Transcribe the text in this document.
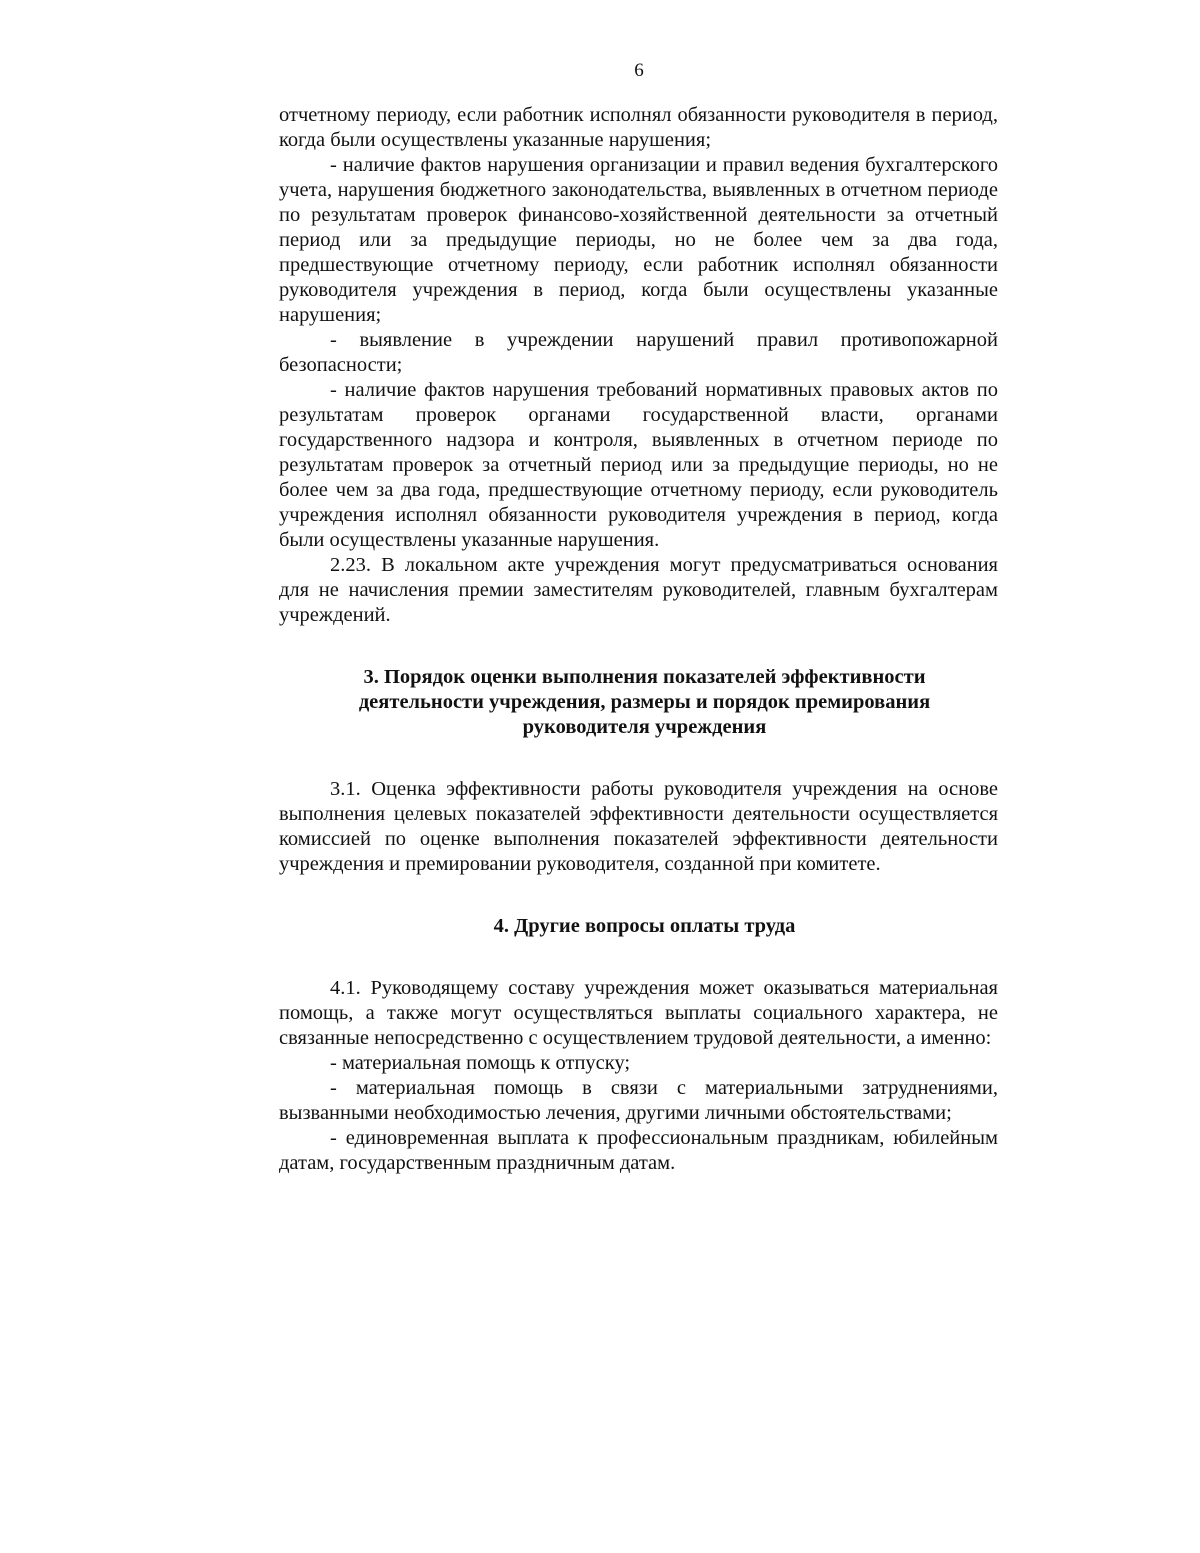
6

отчетному периоду, если работник исполнял обязанности руководителя в период, когда были осуществлены указанные нарушения;

- наличие фактов нарушения организации и правил ведения бухгалтерского учета, нарушения бюджетного законодательства, выявленных в отчетном периоде по результатам проверок финансово-хозяйственной деятельности за отчетный период или за предыдущие периоды, но не более чем за два года, предшествующие отчетному периоду, если работник исполнял обязанности руководителя учреждения в период, когда были осуществлены указанные нарушения;

- выявление в учреждении нарушений правил противопожарной безопасности;

- наличие фактов нарушения требований нормативных правовых актов по результатам проверок органами государственной власти, органами государственного надзора и контроля, выявленных в отчетном периоде по результатам проверок за отчетный период или за предыдущие периоды, но не более чем за два года, предшествующие отчетному периоду, если руководитель учреждения исполнял обязанности руководителя учреждения в период, когда были осуществлены указанные нарушения.

2.23. В локальном акте учреждения могут предусматриваться основания для не начисления премии заместителям руководителей, главным бухгалтерам учреждений.

3. Порядок оценки выполнения показателей эффективности
деятельности учреждения, размеры и порядок премирования
руководителя учреждения

3.1. Оценка эффективности работы руководителя учреждения на основе выполнения целевых показателей эффективности деятельности осуществляется комиссией по оценке выполнения показателей эффективности деятельности учреждения и премировании руководителя, созданной при комитете.

4. Другие вопросы оплаты труда

4.1. Руководящему составу учреждения может оказываться материальная помощь, а также могут осуществляться выплаты социального характера, не связанные непосредственно с осуществлением трудовой деятельности, а именно:

- материальная помощь к отпуску;

- материальная помощь в связи с материальными затруднениями, вызванными необходимостью лечения, другими личными обстоятельствами;

- единовременная выплата к профессиональным праздникам, юбилейным датам, государственным праздничным датам.
